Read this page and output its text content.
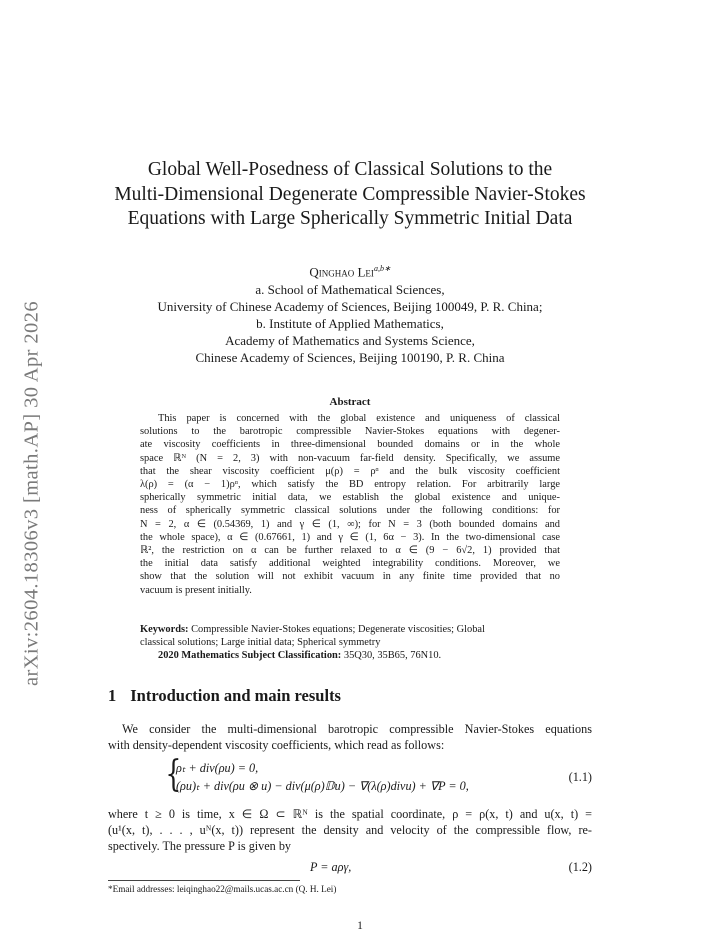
arXiv:2604.18306v3 [math.AP] 30 Apr 2026
Global Well-Posedness of Classical Solutions to the
Multi-Dimensional Degenerate Compressible Navier-Stokes
Equations with Large Spherically Symmetric Initial Data
Qinghao Lei$^{a,b∗}$
a. School of Mathematical Sciences,
University of Chinese Academy of Sciences, Beijing 100049, P. R. China;
b. Institute of Applied Mathematics,
Academy of Mathematics and Systems Science,
Chinese Academy of Sciences, Beijing 100190, P. R. China
Abstract
This paper is concerned with the global existence and uniqueness of classical
solutions to the barotropic compressible Navier-Stokes equations with degener-
ate viscosity coefficients in three-dimensional bounded domains or in the whole
space ℝᴺ (N = 2, 3) with non-vacuum far-field density. Specifically, we assume
that the shear viscosity coefficient μ(ρ) = ρᵅ and the bulk viscosity coefficient
λ(ρ) = (α − 1)ρᵅ, which satisfy the BD entropy relation. For arbitrarily large
spherically symmetric initial data, we establish the global existence and unique-
ness of spherically symmetric classical solutions under the following conditions: for
N = 2, α ∈ (0.54369, 1) and γ ∈ (1, ∞); for N = 3 (both bounded domains and
the whole space), α ∈ (0.67661, 1) and γ ∈ (1, 6α − 3). In the two-dimensional case
ℝ², the restriction on α can be further relaxed to α ∈ (9 − 6√2, 1) provided that
the initial data satisfy additional weighted integrability conditions. Moreover, we
show that the solution will not exhibit vacuum in any finite time provided that no
vacuum is present initially.
Keywords: Compressible Navier-Stokes equations; Degenerate viscosities; Global
classical solutions; Large initial data; Spherical symmetry
2020 Mathematics Subject Classification: 35Q30, 35B65, 76N10.
1 Introduction and main results
We consider the multi-dimensional barotropic compressible Navier-Stokes equations
with density-dependent viscosity coefficients, which read as follows:
{
ρₜ + div(ρu) = 0,
(ρu)ₜ + div(ρu ⊗ u) − div(μ(ρ)𝔻u) − ∇(λ(ρ)divu) + ∇P = 0,
(1.1)
where t ≥ 0 is time, x ∈ Ω ⊂ ℝᴺ is the spatial coordinate, ρ = ρ(x, t) and u(x, t) =
(u¹(x, t), . . . , uᴺ(x, t)) represent the density and velocity of the compressible flow, re-
spectively. The pressure P is given by
P = aργ,	(1.2)
*Email addresses: leiqinghao22@mails.ucas.ac.cn (Q. H. Lei)
1
